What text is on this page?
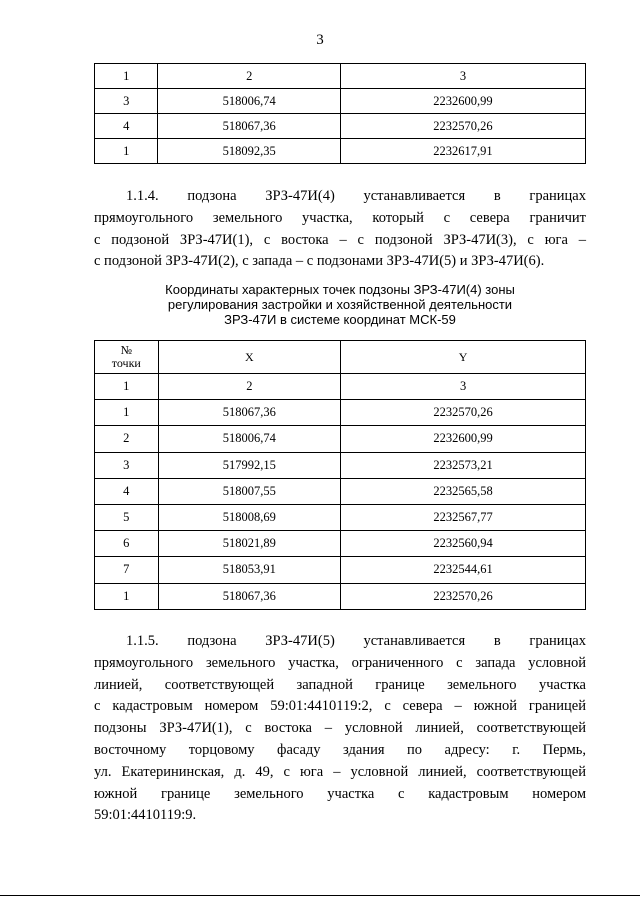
3
1	2	3
3	518006,74	2232600,99
4	518067,36	2232570,26
1	518092,35	2232617,91
1.1.4. подзона ЗРЗ-47И(4) устанавливается в границах
прямоугольного земельного участка, который с севера граничит
с подзоной ЗРЗ-47И(1), с востока – с подзоной ЗРЗ-47И(3), с юга –
с подзоной ЗРЗ-47И(2), с запада – с подзонами ЗРЗ-47И(5) и ЗРЗ-47И(6).
Координаты характерных точек подзоны ЗРЗ-47И(4) зоны
регулирования застройки и хозяйственной деятельности
ЗРЗ-47И в системе координат МСК-59
№
точки	X	Y
1	2	3
1	518067,36	2232570,26
2	518006,74	2232600,99
3	517992,15	2232573,21
4	518007,55	2232565,58
5	518008,69	2232567,77
6	518021,89	2232560,94
7	518053,91	2232544,61
1	518067,36	2232570,26
1.1.5. подзона ЗРЗ-47И(5) устанавливается в границах
прямоугольного земельного участка, ограниченного с запада условной
линией, соответствующей западной границе земельного участка
с кадастровым номером 59:01:4410119:2, с севера – южной границей
подзоны ЗРЗ-47И(1), с востока – условной линией, соответствующей
восточному торцовому фасаду здания по адресу: г. Пермь,
ул. Екатерининская, д. 49, с юга – условной линией, соответствующей
южной границе земельного участка с кадастровым номером
59:01:4410119:9.
